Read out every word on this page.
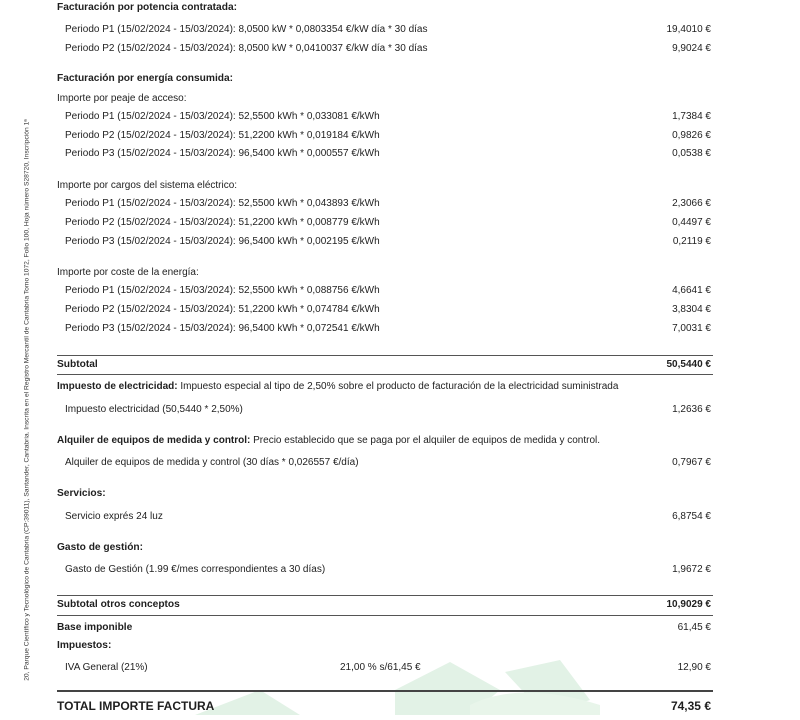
20, Parque Científico y Tecnológico de Cantabria (CP:39011), Santander, Cantabria. Inscrita en el Registro Mercantil de Cantabria Tomo 1072, Folio 100, Hoja número S28720, Inscripción 1ª
Facturación por potencia contratada:
Periodo P1 (15/02/2024 - 15/03/2024): 8,0500 kW * 0,0803354 €/kW día * 30 días	19,4010 €
Periodo P2 (15/02/2024 - 15/03/2024): 8,0500 kW * 0,0410037 €/kW día * 30 días	9,9024 €
Facturación por energía consumida:
Importe por peaje de acceso:
Periodo P1 (15/02/2024 - 15/03/2024): 52,5500 kWh * 0,033081 €/kWh	1,7384 €
Periodo P2 (15/02/2024 - 15/03/2024): 51,2200 kWh * 0,019184 €/kWh	0,9826 €
Periodo P3 (15/02/2024 - 15/03/2024): 96,5400 kWh * 0,000557 €/kWh	0,0538 €
Importe por cargos del sistema eléctrico:
Periodo P1 (15/02/2024 - 15/03/2024): 52,5500 kWh * 0,043893 €/kWh	2,3066 €
Periodo P2 (15/02/2024 - 15/03/2024): 51,2200 kWh * 0,008779 €/kWh	0,4497 €
Periodo P3 (15/02/2024 - 15/03/2024): 96,5400 kWh * 0,002195 €/kWh	0,2119 €
Importe por coste de la energía:
Periodo P1 (15/02/2024 - 15/03/2024): 52,5500 kWh * 0,088756 €/kWh	4,6641 €
Periodo P2 (15/02/2024 - 15/03/2024): 51,2200 kWh * 0,074784 €/kWh	3,8304 €
Periodo P3 (15/02/2024 - 15/03/2024): 96,5400 kWh * 0,072541 €/kWh	7,0031 €
Subtotal	50,5440 €
Impuesto de electricidad: Impuesto especial al tipo de 2,50% sobre el producto de facturación de la electricidad suministrada
Impuesto electricidad (50,5440 * 2,50%)	1,2636 €
Alquiler de equipos de medida y control: Precio establecido que se paga por el alquiler de equipos de medida y control.
Alquiler de equipos de medida y control (30 días * 0,026557 €/día)	0,7967 €
Servicios:
Servicio exprés 24 luz	6,8754 €
Gasto de gestión:
Gasto de Gestión (1.99 €/mes correspondientes a 30 días)	1,9672 €
Subtotal otros conceptos	10,9029 €
Base imponible	61,45 €
Impuestos:
IVA General (21%)	21,00 % s/61,45 €	12,90 €
TOTAL IMPORTE FACTURA	74,35 €
